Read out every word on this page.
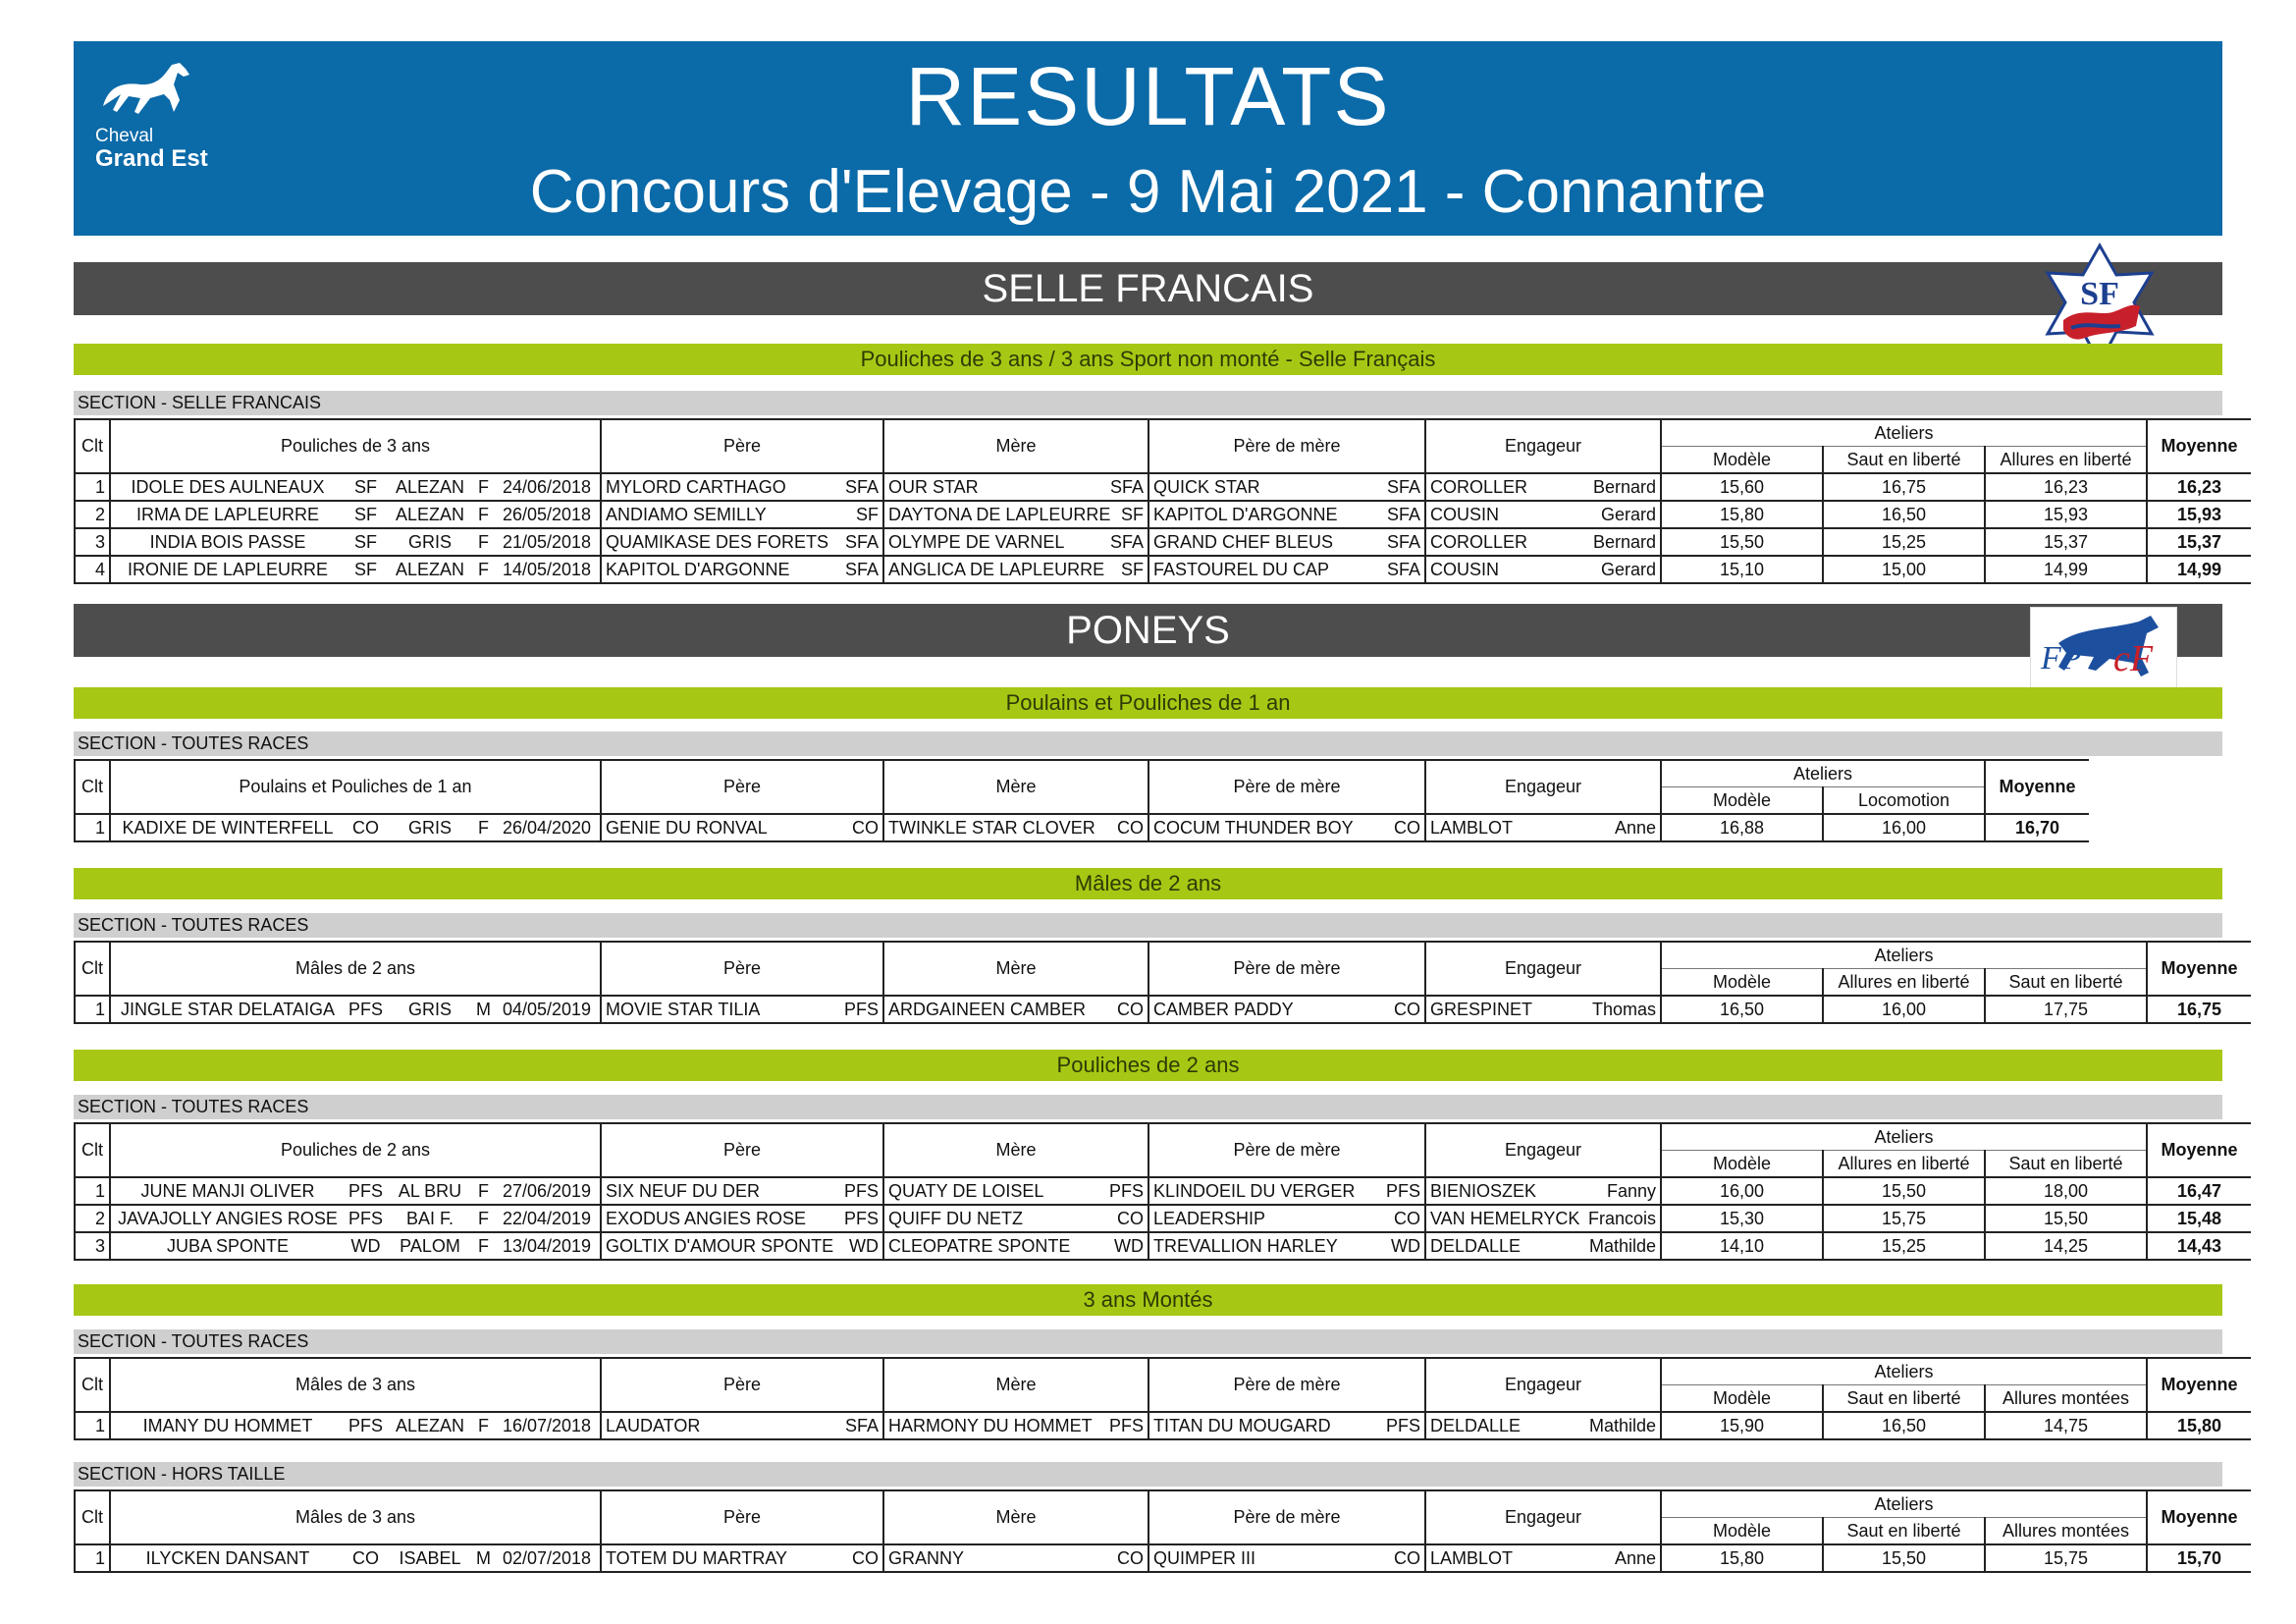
Cheval
Grand Est
RESULTATS
Concours d'Elevage - 9 Mai 2021 - Connantre
SELLE FRANCAIS
PONEYS
SF
FP cF
Pouliches de 3 ans / 3 ans Sport non monté - Selle Français
SECTION - SELLE FRANCAIS
Clt	Pouliches de 3 ans	Père	Mère	Père de mère	Engageur	Ateliers			Moyenne
						Modèle	Saut en liberté	Allures en liberté	
1	IDOLE DES AULNEAUX SF ALEZAN F 24/06/2018	MYLORD CARTHAGO SFA	OUR STAR SFA	QUICK STAR SFA	COROLLER Bernard	15,60	16,75	16,23	16,23
2	IRMA DE LAPLEURRE SF ALEZAN F 26/05/2018	ANDIAMO SEMILLY SF	DAYTONA DE LAPLEURRE SF	KAPITOL D'ARGONNE SFA	COUSIN Gerard	15,80	16,50	15,93	15,93
3	INDIA BOIS PASSE SF GRIS F 21/05/2018	QUAMIKASE DES FORETS SFA	OLYMPE DE VARNEL SFA	GRAND CHEF BLEUS SFA	COROLLER Bernard	15,50	15,25	15,37	15,37
4	IRONIE DE LAPLEURRE SF ALEZAN F 14/05/2018	KAPITOL D'ARGONNE SFA	ANGLICA DE LAPLEURRE SF	FASTOUREL DU CAP SFA	COUSIN Gerard	15,10	15,00	14,99	14,99
Poulains et Pouliches de 1 an
SECTION - TOUTES RACES
Clt	Poulains et Pouliches de 1 an	Père	Mère	Père de mère	Engageur	Ateliers		Moyenne
						Modèle	Locomotion	
1	KADIXE DE WINTERFELL CO GRIS F 26/04/2020	GENIE DU RONVAL CO	TWINKLE STAR CLOVER CO	COCUM THUNDER BOY CO	LAMBLOT Anne	16,88	16,00	16,70
Mâles de 2 ans
SECTION - TOUTES RACES
Clt	Mâles de 2 ans	Père	Mère	Père de mère	Engageur	Ateliers			Moyenne
						Modèle	Allures en liberté	Saut en liberté	
1	JINGLE STAR DELATAIGA PFS GRIS M 04/05/2019	MOVIE STAR TILIA PFS	ARDGAINEEN CAMBER CO	CAMBER PADDY CO	GRESPINET Thomas	16,50	16,00	17,75	16,75
Pouliches de 2 ans
SECTION - TOUTES RACES
Clt	Pouliches de 2 ans	Père	Mère	Père de mère	Engageur	Ateliers			Moyenne
						Modèle	Allures en liberté	Saut en liberté	
1	JUNE MANJI OLIVER PFS AL BRU F 27/06/2019	SIX NEUF DU DER PFS	QUATY DE LOISEL PFS	KLINDOEIL DU VERGER PFS	BIENIOSZEK Fanny	16,00	15,50	18,00	16,47
2	JAVAJOLLY ANGIES ROSE PFS BAI F. F 22/04/2019	EXODUS ANGIES ROSE PFS	QUIFF DU NETZ CO	LEADERSHIP CO	VAN HEMELRYCK Francois	15,30	15,75	15,50	15,48
3	JUBA SPONTE WD PALOM F 13/04/2019	GOLTIX D'AMOUR SPONTE WD	CLEOPATRE SPONTE WD	TREVALLION HARLEY WD	DELDALLE Mathilde	14,10	15,25	14,25	14,43
3 ans Montés
SECTION - TOUTES RACES
Clt	Mâles de 3 ans	Père	Mère	Père de mère	Engageur	Ateliers			Moyenne
						Modèle	Saut en liberté	Allures montées	
1	IMANY DU HOMMET PFS ALEZAN F 16/07/2018	LAUDATOR SFA	HARMONY DU HOMMET PFS	TITAN DU MOUGARD PFS	DELDALLE Mathilde	15,90	16,50	14,75	15,80
SECTION - HORS TAILLE
Clt	Mâles de 3 ans	Père	Mère	Père de mère	Engageur	Ateliers			Moyenne
						Modèle	Saut en liberté	Allures montées	
1	ILYCKEN DANSANT CO ISABEL M 02/07/2018	TOTEM DU MARTRAY CO	GRANNY CO	QUIMPER III CO	LAMBLOT Anne	15,80	15,50	15,75	15,70
